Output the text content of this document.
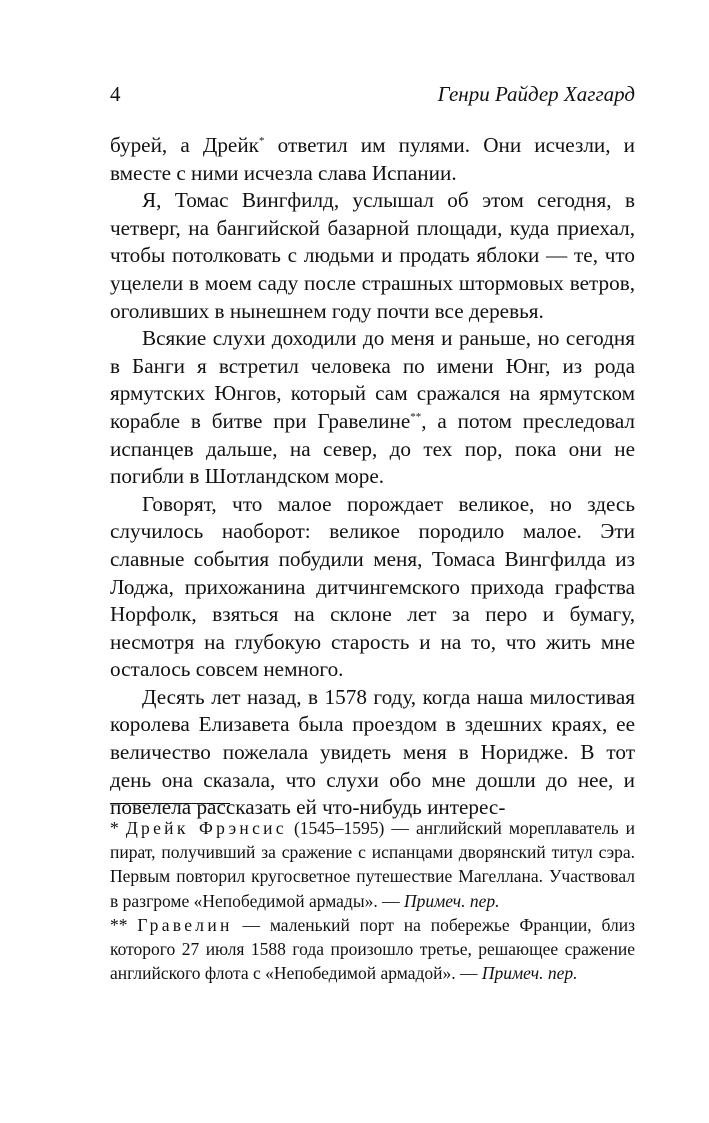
4	Генри Райдер Хаггард

бурей, а Дрейк* ответил им пулями. Они исчезли, и вместе с ними исчезла слава Испании.

Я, Томас Вингфилд, услышал об этом сегодня, в четверг, на бангийской базарной площади, куда приехал, чтобы потолковать с людьми и продать яблоки — те, что уцелели в моем саду после страшных штормовых ветров, оголивших в нынешнем году почти все деревья.

Всякие слухи доходили до меня и раньше, но сегодня в Банги я встретил человека по имени Юнг, из рода ярмутских Юнгов, который сам сражался на ярмутском корабле в битве при Гравелине**, а потом преследовал испанцев дальше, на север, до тех пор, пока они не погибли в Шотландском море.

Говорят, что малое порождает великое, но здесь случилось наоборот: великое породило малое. Эти славные события побудили меня, Томаса Вингфилда из Лоджа, прихожанина дитчингемского прихода графства Норфолк, взяться на склоне лет за перо и бумагу, несмотря на глубокую старость и на то, что жить мне осталось совсем немного.

Десять лет назад, в 1578 году, когда наша милостивая королева Елизавета была проездом в здешних краях, ее величество пожелала увидеть меня в Нориджe. В тот день она сказала, что слухи обо мне дошли до нее, и повелела рассказать ей что-нибудь интерес-

* Дрейк Фрэнсис (1545–1595) — английский мореплаватель и пират, получивший за сражение с испанцами дворянский титул сэра. Первым повторил кругосветное путешествие Магеллана. Участвовал в разгроме «Непобедимой армады». — Примеч. пер.

** Гравелин — маленький порт на побережье Франции, близ которого 27 июля 1588 года произошло третье, решающее сражение английского флота с «Непобедимой армадой». — Примеч. пер.
